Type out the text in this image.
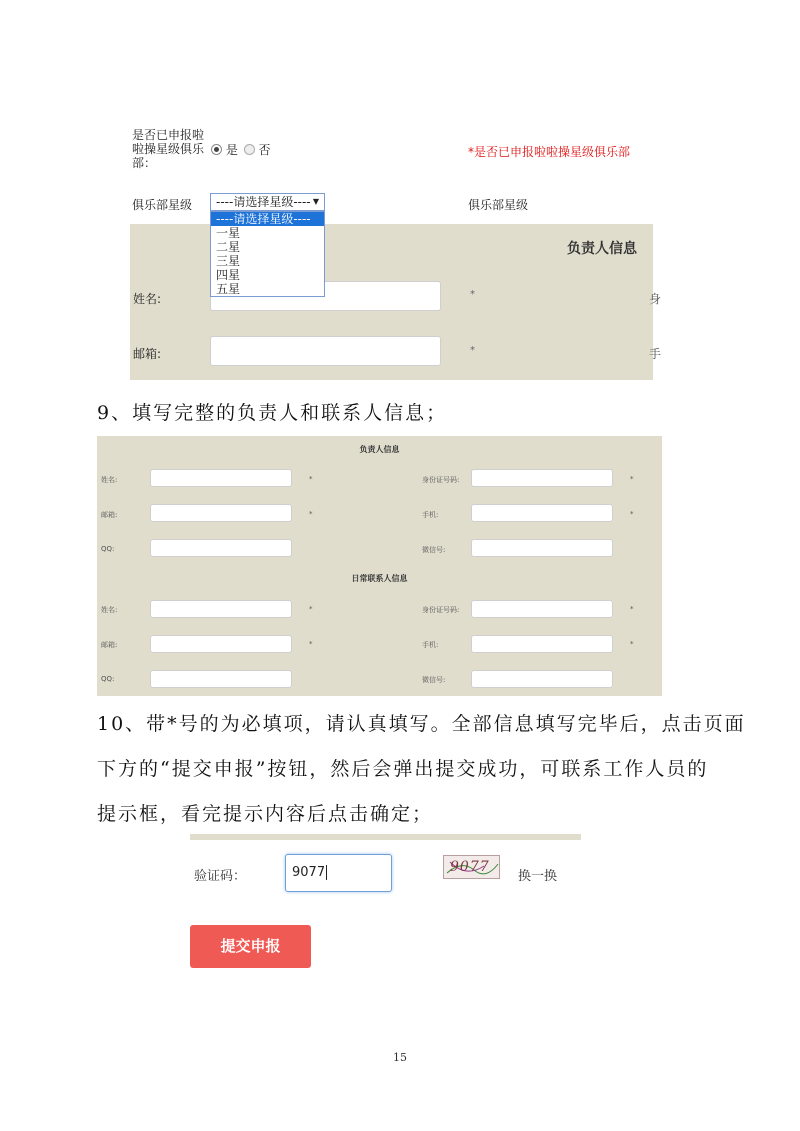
是否已申报啦啦操星级俱乐部：
是 否	*是否已申报啦啦操星级俱乐部
俱乐部星级	俱乐部星级
负责人信息
姓名:	*	身
邮箱:	*	手
----请选择星级---- ▼
----请选择星级----
一星
二星
三星
四星
五星
9、填写完整的负责人和联系人信息；
负责人信息
姓名:	*	身份证号码:	*
邮箱:	*	手机:	*
QQ:	微信号:
日常联系人信息
姓名:	*	身份证号码:	*
邮箱:	*	手机:	*
QQ:	微信号:
10、带*号的为必填项，请认真填写。全部信息填写完毕后，点击页面
下方的“提交申报”按钮，然后会弹出提交成功，可联系工作人员的
提示框，看完提示内容后点击确定；
验证码：	9077	9077
换一换
提交申报
15
